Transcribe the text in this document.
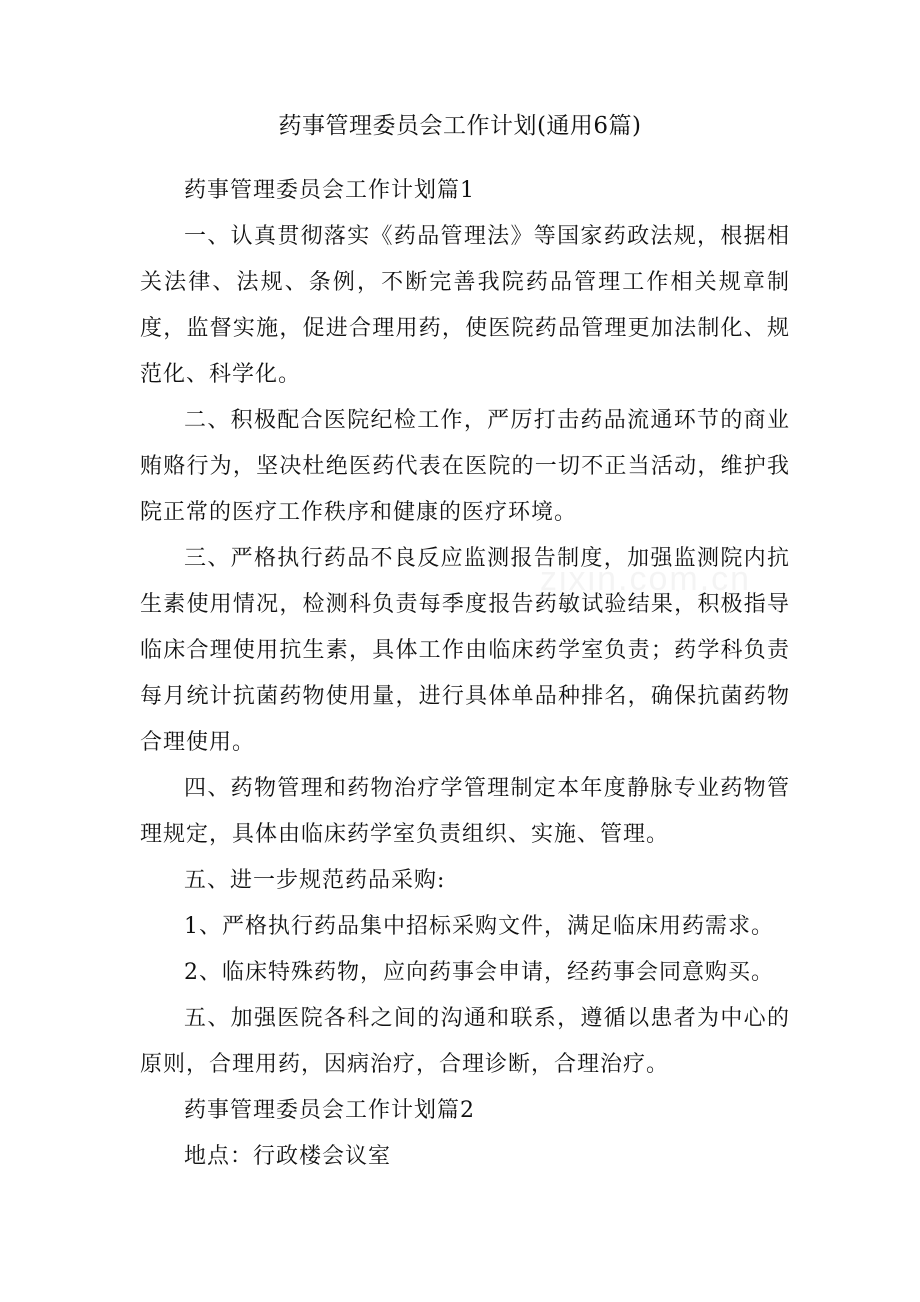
药事管理委员会工作计划(通用6篇)

药事管理委员会工作计划篇1

一、认真贯彻落实《药品管理法》等国家药政法规，根据相关法律、法规、条例，不断完善我院药品管理工作相关规章制度，监督实施，促进合理用药，使医院药品管理更加法制化、规范化、科学化。

二、积极配合医院纪检工作，严厉打击药品流通环节的商业贿赂行为，坚决杜绝医药代表在医院的一切不正当活动，维护我院正常的医疗工作秩序和健康的医疗环境。

三、严格执行药品不良反应监测报告制度，加强监测院内抗生素使用情况，检测科负责每季度报告药敏试验结果，积极指导临床合理使用抗生素，具体工作由临床药学室负责；药学科负责每月统计抗菌药物使用量，进行具体单品种排名，确保抗菌药物合理使用。

四、药物管理和药物治疗学管理制定本年度静脉专业药物管理规定，具体由临床药学室负责组织、实施、管理。

五、进一步规范药品采购:

1、严格执行药品集中招标采购文件，满足临床用药需求。

2、临床特殊药物，应向药事会申请，经药事会同意购买。

五、加强医院各科之间的沟通和联系，遵循以患者为中心的原则，合理用药，因病治疗，合理诊断，合理治疗。

药事管理委员会工作计划篇2

地点：行政楼会议室

zixin.com.cn
